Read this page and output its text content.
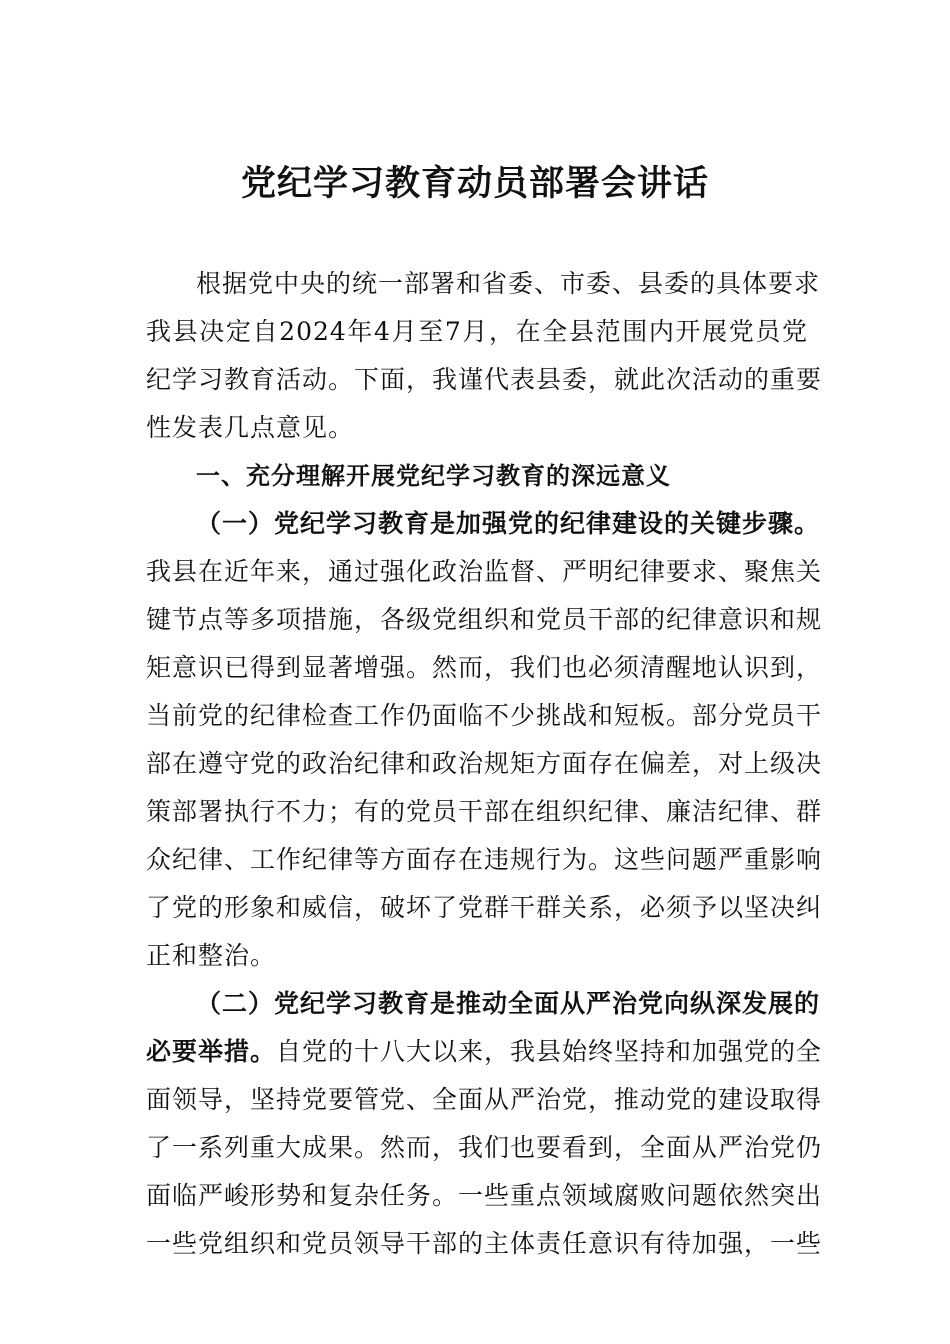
党纪学习教育动员部署会讲话
根据党中央的统一部署和省委、市委、县委的具体要求
我县决定自2024年4月至7月，在全县范围内开展党员党
纪学习教育活动。下面，我谨代表县委，就此次活动的重要
性发表几点意见。
一、充分理解开展党纪学习教育的深远意义
（一）党纪学习教育是加强党的纪律建设的关键步骤。
我县在近年来，通过强化政治监督、严明纪律要求、聚焦关
键节点等多项措施，各级党组织和党员干部的纪律意识和规
矩意识已得到显著增强。然而，我们也必须清醒地认识到，
当前党的纪律检查工作仍面临不少挑战和短板。部分党员干
部在遵守党的政治纪律和政治规矩方面存在偏差，对上级决
策部署执行不力；有的党员干部在组织纪律、廉洁纪律、群
众纪律、工作纪律等方面存在违规行为。这些问题严重影响
了党的形象和威信，破坏了党群干群关系，必须予以坚决纠
正和整治。
（二）党纪学习教育是推动全面从严治党向纵深发展的
必要举措。自党的十八大以来，我县始终坚持和加强党的全
面领导，坚持党要管党、全面从严治党，推动党的建设取得
了一系列重大成果。然而，我们也要看到，全面从严治党仍
面临严峻形势和复杂任务。一些重点领域腐败问题依然突出
一些党组织和党员领导干部的主体责任意识有待加强，一些
